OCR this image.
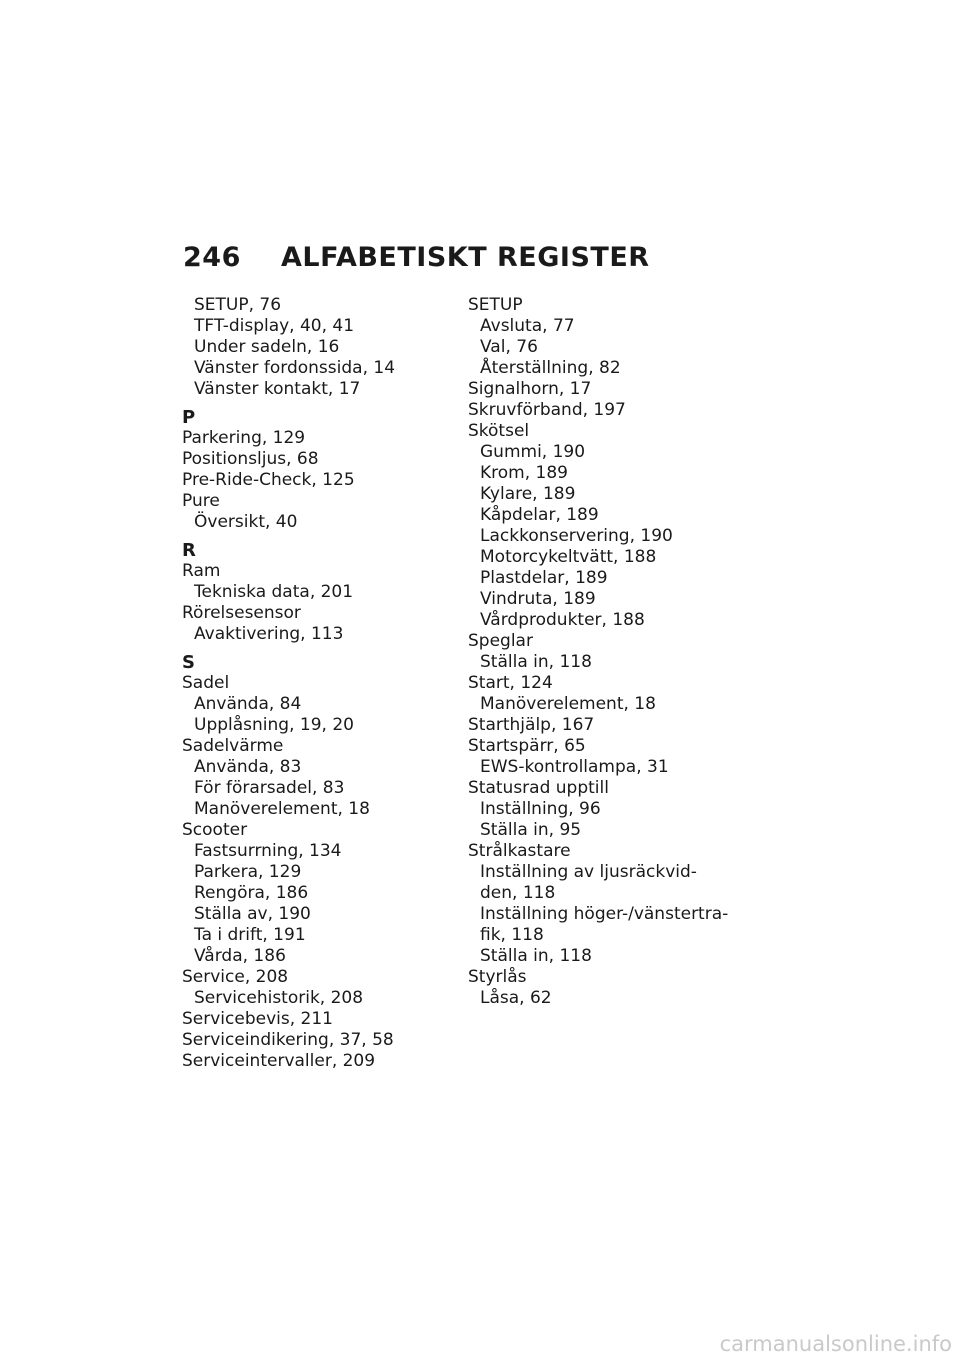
246 ALFABETISKT REGISTER
SETUP, 76
TFT-display, 40, 41
Under sadeln, 16
Vänster fordonssida, 14
Vänster kontakt, 17
P
Parkering, 129
Positionsljus, 68
Pre-Ride-Check, 125
Pure
Översikt, 40
R
Ram
Tekniska data, 201
Rörelsesensor
Avaktivering, 113
S
Sadel
Använda, 84
Upplåsning, 19, 20
Sadelvärme
Använda, 83
För förarsadel, 83
Manöverelement, 18
Scooter
Fastsurrning, 134
Parkera, 129
Rengöra, 186
Ställa av, 190
Ta i drift, 191
Vårda, 186
Service, 208
Servicehistorik, 208
Servicebevis, 211
Serviceindikering, 37, 58
Serviceintervaller, 209
SETUP
Avsluta, 77
Val, 76
Återställning, 82
Signalhorn, 17
Skruvförband, 197
Skötsel
Gummi, 190
Krom, 189
Kylare, 189
Kåpdelar, 189
Lackkonservering, 190
Motorcykeltvätt, 188
Plastdelar, 189
Vindruta, 189
Vårdprodukter, 188
Speglar
Ställa in, 118
Start, 124
Manöverelement, 18
Starthjälp, 167
Startspärr, 65
EWS-kontrollampa, 31
Statusrad upptill
Inställning, 96
Ställa in, 95
Strålkastare
Inställning av ljusräckvid-
den, 118
Inställning höger-/vänstertra-
fik, 118
Ställa in, 118
Styrlås
Låsa, 62
carmanualsonline.info
